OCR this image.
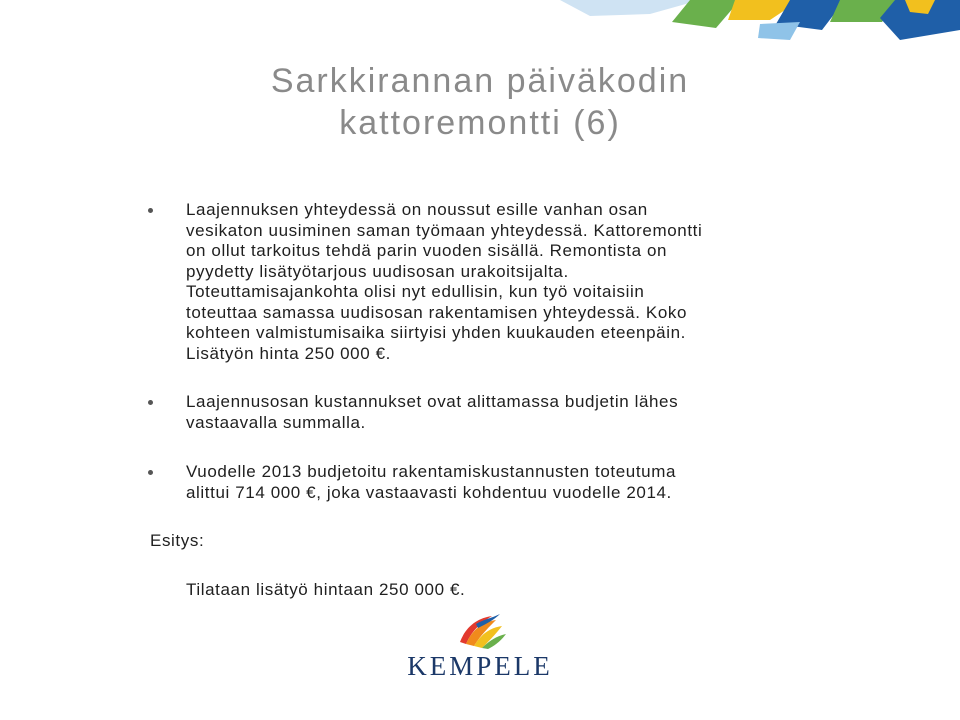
Sarkkirannan päiväkodin
kattoremontti (6)
Laajennuksen yhteydessä on noussut esille vanhan osan
vesikaton uusiminen saman työmaan yhteydessä. Kattoremontti
on ollut tarkoitus tehdä parin vuoden sisällä. Remontista on
pyydetty lisätyötarjous uudisosan urakoitsijalta.
Toteuttamisajankohta olisi nyt edullisin, kun työ voitaisiin
toteuttaa samassa uudisosan rakentamisen yhteydessä. Koko
kohteen valmistumisaika siirtyisi yhden kuukauden eteenpäin.
Lisätyön hinta 250 000 €.
Laajennusosan kustannukset ovat alittamassa budjetin lähes
vastaavalla summalla.
Vuodelle 2013 budjetoitu rakentamiskustannusten toteutuma
alittui 714 000 €, joka vastaavasti kohdentuu vuodelle 2014.
Esitys:
Tilataan lisätyö hintaan 250 000 €.
KEMPELE
